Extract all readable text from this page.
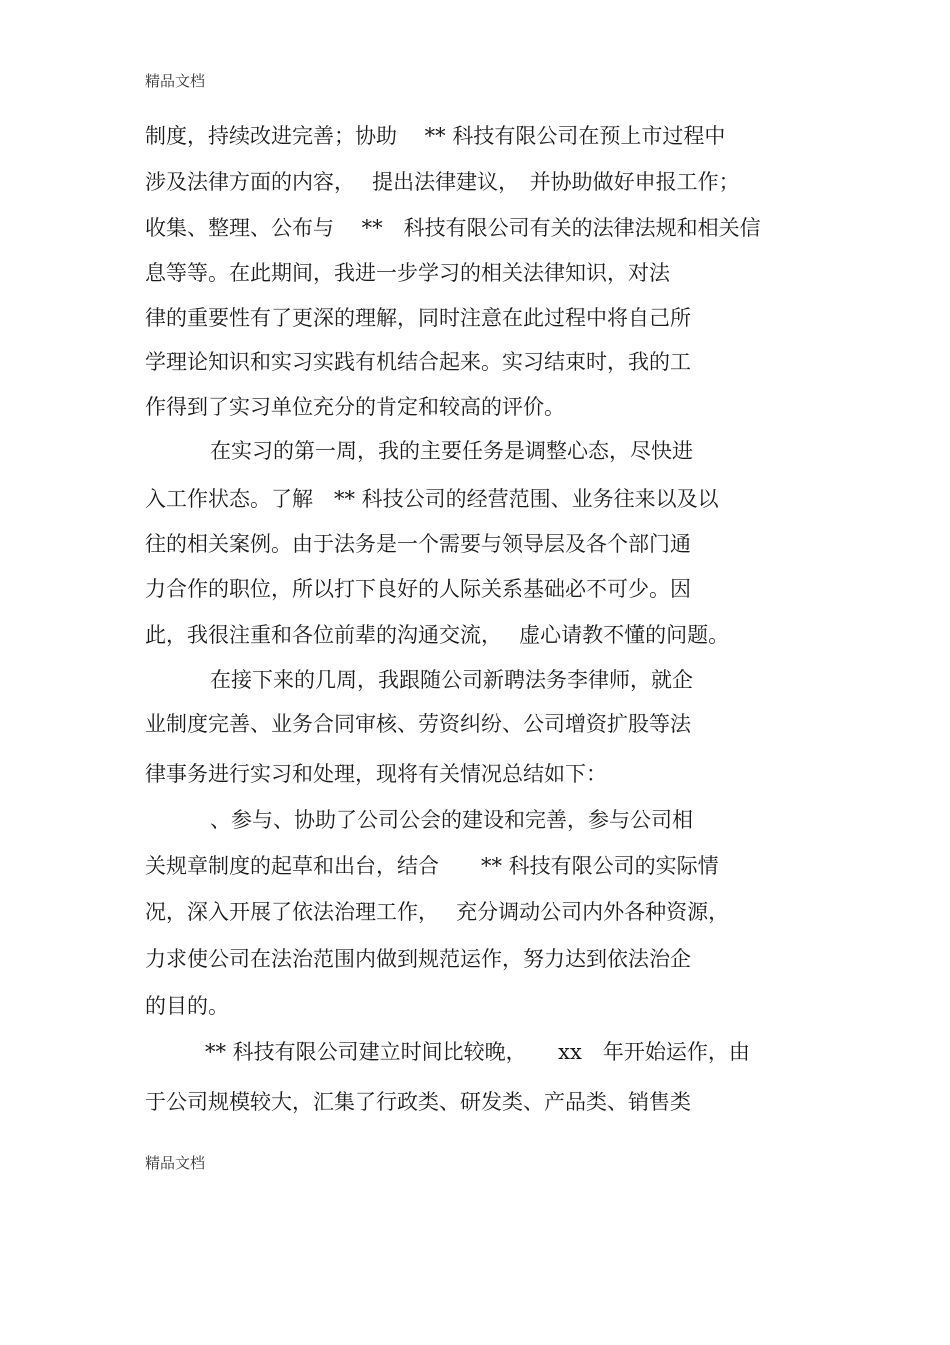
精品文档
制度，持续改进完善；协助　 ** 科技有限公司在预上市过程中
涉及法律方面的内容，　 提出法律建议，　并协助做好申报工作；
收集、整理、公布与　 **　科技有限公司有关的法律法规和相关信
息等等。在此期间，我进一步学习的相关法律知识，对法
律的重要性有了更深的理解，同时注意在此过程中将自己所
学理论知识和实习实践有机结合起来。实习结束时，我的工
作得到了实习单位充分的肯定和较高的评价。
在实习的第一周，我的主要任务是调整心态，尽快进
入工作状态。了解　** 科技公司的经营范围、业务往来以及以
往的相关案例。由于法务是一个需要与领导层及各个部门通
力合作的职位，所以打下良好的人际关系基础必不可少。因
此，我很注重和各位前辈的沟通交流，　 虚心请教不懂的问题。
在接下来的几周，我跟随公司新聘法务李律师，就企
业制度完善、业务合同审核、劳资纠纷、公司增资扩股等法
律事务进行实习和处理，现将有关情况总结如下：
、参与、协助了公司公会的建设和完善，参与公司相
关规章制度的起草和出台，结合　　** 科技有限公司的实际情
况，深入开展了依法治理工作，　 充分调动公司内外各种资源，
力求使公司在法治范围内做到规范运作，努力达到依法治企
的目的。
** 科技有限公司建立时间比较晚，　　xx　年开始运作，由
于公司规模较大，汇集了行政类、研发类、产品类、销售类
精品文档
